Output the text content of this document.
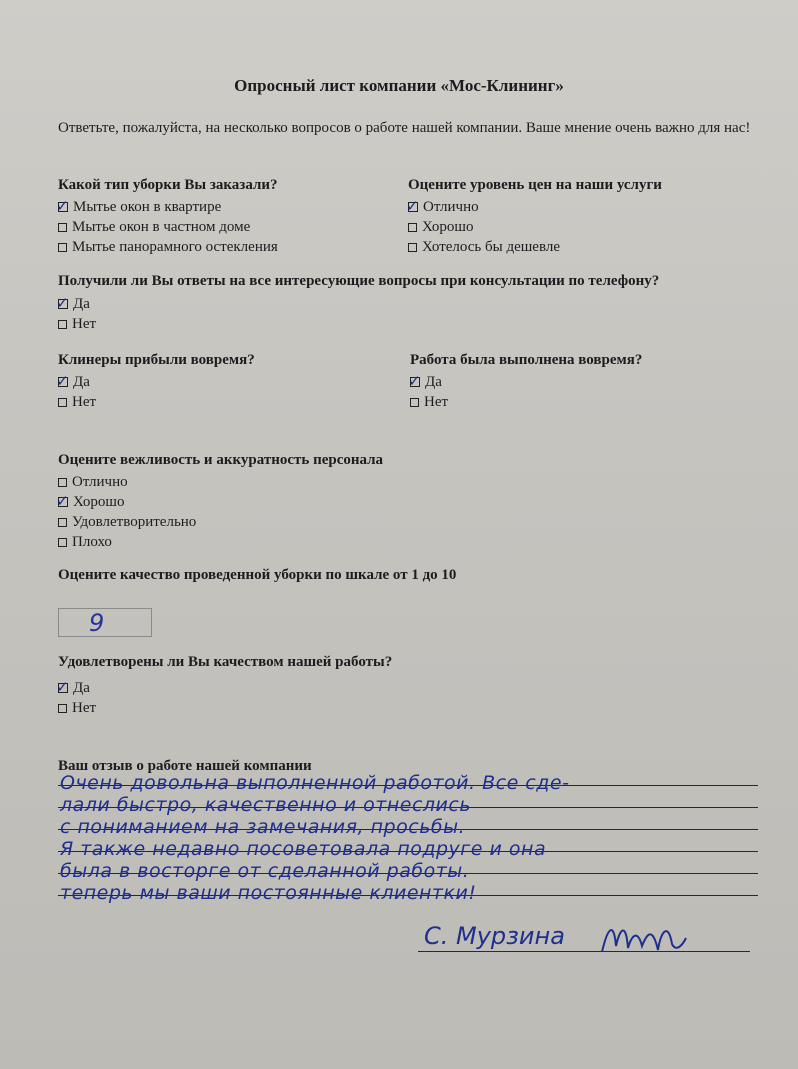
Опросный лист компании «Мос-Клининг»
Ответьте, пожалуйста, на несколько вопросов о работе нашей компании. Ваше мнение очень важно для нас!
Какой тип уборки Вы заказали?
✓ Мытье окон в квартире
Мытье окон в частном доме
Мытье панорамного остекления
Оцените уровень цен на наши услуги
✓ Отлично
Хорошо
Хотелось бы дешевле
Получили ли Вы ответы на все интересующие вопросы при консультации по телефону?
✓ Да
Нет
Клинеры прибыли вовремя?
✓ Да
Нет
Работа была выполнена вовремя?
✓ Да
Нет
Оцените вежливость и аккуратность персонала
Отлично
✓ Хорошо
Удовлетворительно
Плохо
Оцените качество проведенной уборки по шкале от 1 до 10
9
Удовлетворены ли Вы качеством нашей работы?
✓ Да
Нет
Ваш отзыв о работе нашей компании
Очень довольна выполненной работой. Все сде-
лали быстро, качественно и отнеслись
с пониманием на замечания, просьбы.
Я также недавно посоветовала подруге и она
была в восторге от сделанной работы.
теперь мы ваши постоянные клиентки!
С. Мурзина
